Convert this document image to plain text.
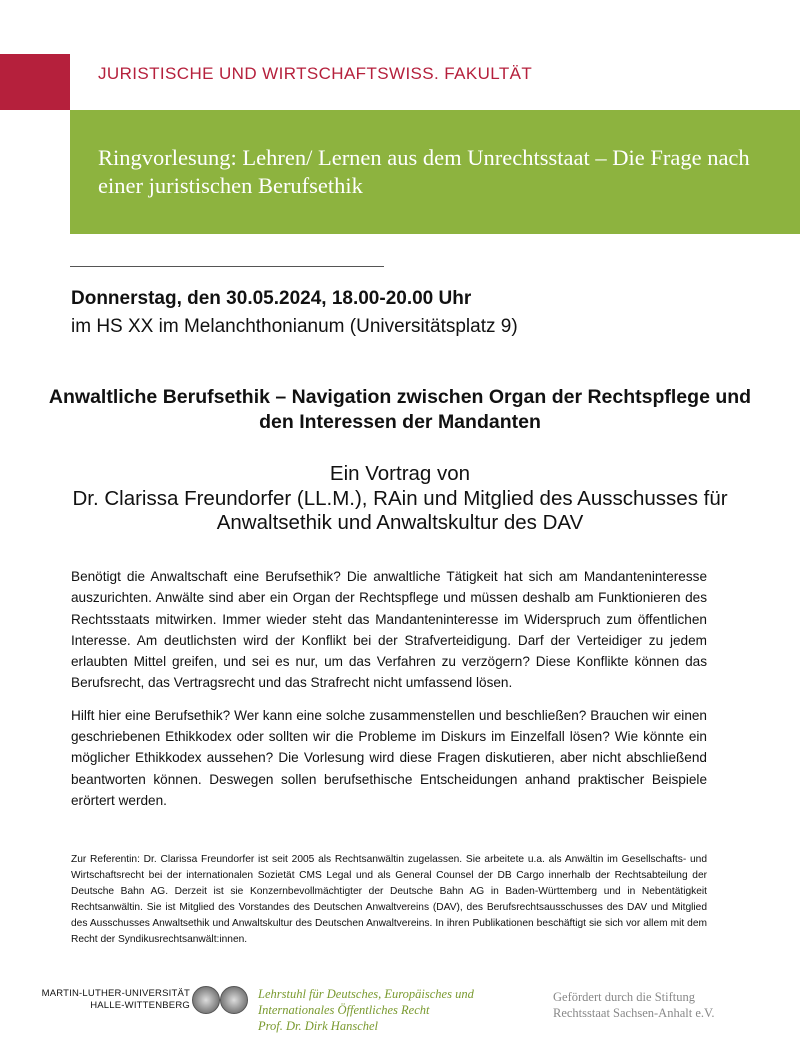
JURISTISCHE UND WIRTSCHAFTSWISS. FAKULTÄT
Ringvorlesung: Lehren/ Lernen aus dem Unrechtsstaat – Die Frage nach einer juristischen Berufsethik
Donnerstag, den 30.05.2024, 18.00-20.00 Uhr
im HS XX im Melanchthonianum (Universitätsplatz 9)
Anwaltliche Berufsethik – Navigation zwischen Organ der Rechtspflege und den Interessen der Mandanten
Ein Vortrag von
Dr. Clarissa Freundorfer (LL.M.), RAin und Mitglied des Ausschusses für Anwaltsethik und Anwaltskultur des DAV

Benötigt die Anwaltschaft eine Berufsethik? Die anwaltliche Tätigkeit hat sich am Mandanteninteresse auszurichten. Anwälte sind aber ein Organ der Rechtspflege und müssen deshalb am Funktionieren des Rechtsstaats mitwirken. Immer wieder steht das Mandanteninteresse im Widerspruch zum öffentlichen Interesse. Am deutlichsten wird der Konflikt bei der Strafverteidigung. Darf der Verteidiger zu jedem erlaubten Mittel greifen, und sei es nur, um das Verfahren zu verzögern? Diese Konflikte können das Berufsrecht, das Vertragsrecht und das Strafrecht nicht umfassend lösen.

Hilft hier eine Berufsethik? Wer kann eine solche zusammenstellen und beschließen? Brauchen wir einen geschriebenen Ethikkodex oder sollten wir die Probleme im Diskurs im Einzelfall lösen? Wie könnte ein möglicher Ethikkodex aussehen? Die Vorlesung wird diese Fragen diskutieren, aber nicht abschließend beantworten können. Deswegen sollen berufsethische Entscheidungen anhand praktischer Beispiele erörtert werden.

Zur Referentin: Dr. Clarissa Freundorfer ist seit 2005 als Rechtsanwältin zugelassen. Sie arbeitete u.a. als Anwältin im Gesellschafts- und Wirtschaftsrecht bei der internationalen Sozietät CMS Legal und als General Counsel der DB Cargo innerhalb der Rechtsabteilung der Deutsche Bahn AG. Derzeit ist sie Konzernbevollmächtigter der Deutsche Bahn AG in Baden-Württemberg und in Nebentätigkeit Rechtsanwältin. Sie ist Mitglied des Vorstandes des Deutschen Anwaltvereins (DAV), des Berufsrechtsausschusses des DAV und Mitglied des Ausschusses Anwaltsethik und Anwaltskultur des Deutschen Anwaltvereins. In ihren Publikationen beschäftigt sie sich vor allem mit dem Recht der Syndikusrechtsanwält:innen.
MARTIN-LUTHER-UNIVERSITÄT
HALLE-WITTENBERG
Lehrstuhl für Deutsches, Europäisches und
Internationales Öffentliches Recht
Prof. Dr. Dirk Hanschel
Gefördert durch die Stiftung
Rechtsstaat Sachsen-Anhalt e.V.
